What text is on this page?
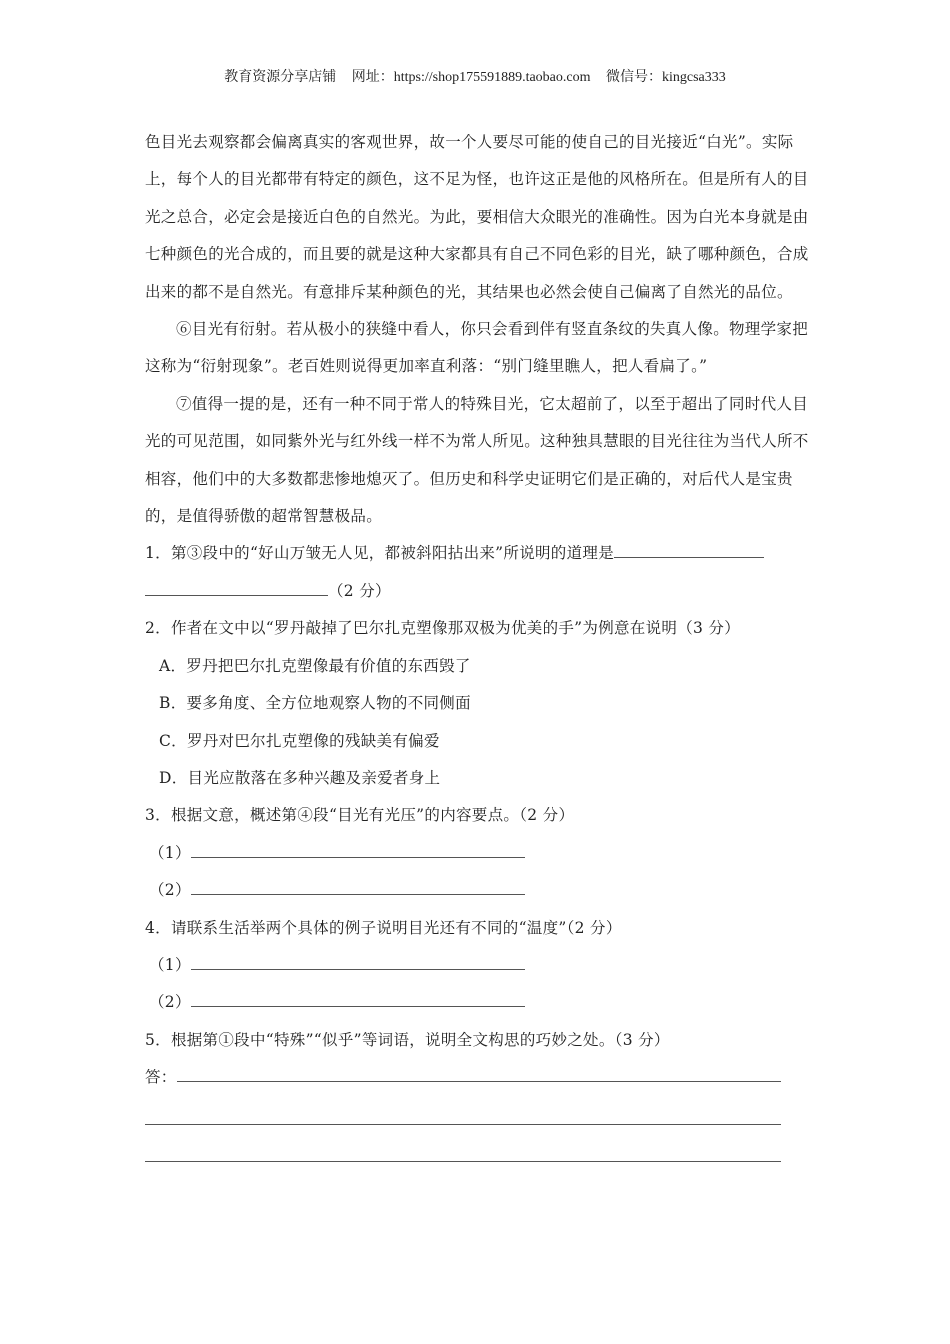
教育资源分享店铺 网址：https://shop175591889.taobao.com 微信号：kingcsa333

色目光去观察都会偏离真实的客观世界，故一个人要尽可能的使自己的目光接近“白光”。实际上，每个人的目光都带有特定的颜色，这不足为怪，也许这正是他的风格所在。但是所有人的目光之总合，必定会是接近白色的自然光。为此，要相信大众眼光的准确性。因为白光本身就是由七种颜色的光合成的，而且要的就是这种大家都具有自己不同色彩的目光，缺了哪种颜色，合成出来的都不是自然光。有意排斥某种颜色的光，其结果也必然会使自己偏离了自然光的品位。

⑥目光有衍射。若从极小的狭缝中看人，你只会看到伴有竖直条纹的失真人像。物理学家把这称为“衍射现象”。老百姓则说得更加率直利落：“别门缝里瞧人，把人看扁了。”

⑦值得一提的是，还有一种不同于常人的特殊目光，它太超前了，以至于超出了同时代人目光的可见范围，如同紫外光与红外线一样不为常人所见。这种独具慧眼的目光往往为当代人所不相容，他们中的大多数都悲惨地熄灭了。但历史和科学史证明它们是正确的，对后代人是宝贵的，是值得骄傲的超常智慧极品。

1．第③段中的“好山万皱无人见，都被斜阳拈出来”所说明的道理是

（2 分）

2．作者在文中以“罗丹敲掉了巴尔扎克塑像那双极为优美的手”为例意在说明（3 分）

A．罗丹把巴尔扎克塑像最有价值的东西毁了

B．要多角度、全方位地观察人物的不同侧面

C．罗丹对巴尔扎克塑像的残缺美有偏爱

D．目光应散落在多种兴趣及亲爱者身上

3．根据文意，概述第④段“目光有光压”的内容要点。（2 分）

（1）

（2）

4．请联系生活举两个具体的例子说明目光还有不同的“温度”（2 分）

（1）

（2）

5．根据第①段中“特殊”“似乎”等词语，说明全文构思的巧妙之处。（3 分）

答：
